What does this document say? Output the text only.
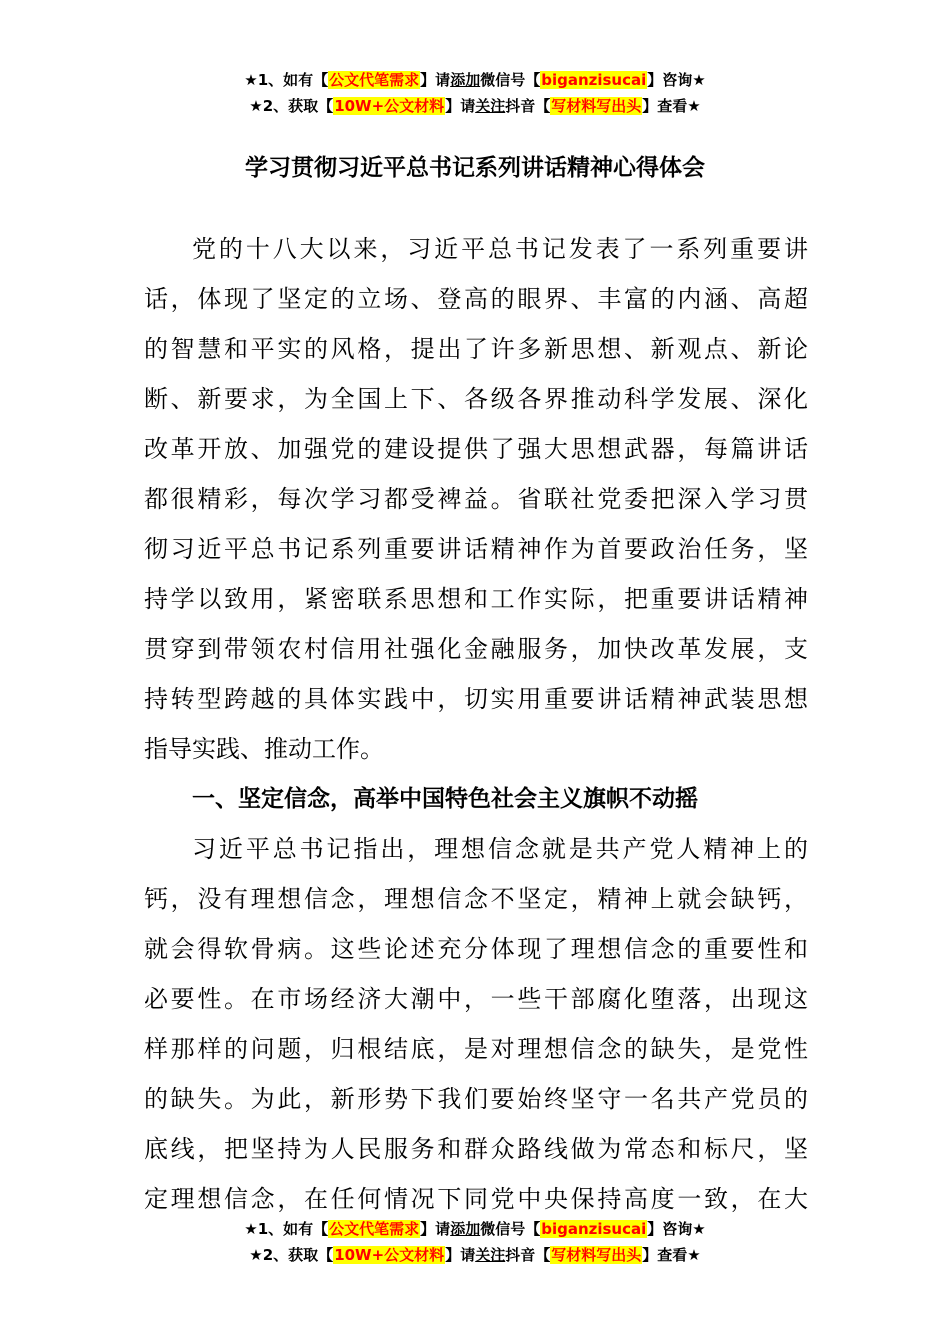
★1、如有【公文代笔需求】请添加微信号【biganzisucai】咨询★
★2、获取【10W+公文材料】请关注抖音【写材料写出头】查看★
学习贯彻习近平总书记系列讲话精神心得体会
党的十八大以来，习近平总书记发表了一系列重要讲
话，体现了坚定的立场、登高的眼界、丰富的内涵、高超
的智慧和平实的风格，提出了许多新思想、新观点、新论
断、新要求，为全国上下、各级各界推动科学发展、深化
改革开放、加强党的建设提供了强大思想武器，每篇讲话
都很精彩，每次学习都受裨益。省联社党委把深入学习贯
彻习近平总书记系列重要讲话精神作为首要政治任务，坚
持学以致用，紧密联系思想和工作实际，把重要讲话精神
贯穿到带领农村信用社强化金融服务，加快改革发展，支
持转型跨越的具体实践中，切实用重要讲话精神武装思想
指导实践、推动工作。
一、坚定信念，高举中国特色社会主义旗帜不动摇
习近平总书记指出，理想信念就是共产党人精神上的
钙，没有理想信念，理想信念不坚定，精神上就会缺钙，
就会得软骨病。这些论述充分体现了理想信念的重要性和
必要性。在市场经济大潮中，一些干部腐化堕落，出现这
样那样的问题，归根结底，是对理想信念的缺失，是党性
的缺失。为此，新形势下我们要始终坚守一名共产党员的
底线，把坚持为人民服务和群众路线做为常态和标尺，坚
定理想信念，在任何情况下同党中央保持高度一致，在大
★1、如有【公文代笔需求】请添加微信号【biganzisucai】咨询★
★2、获取【10W+公文材料】请关注抖音【写材料写出头】查看★
